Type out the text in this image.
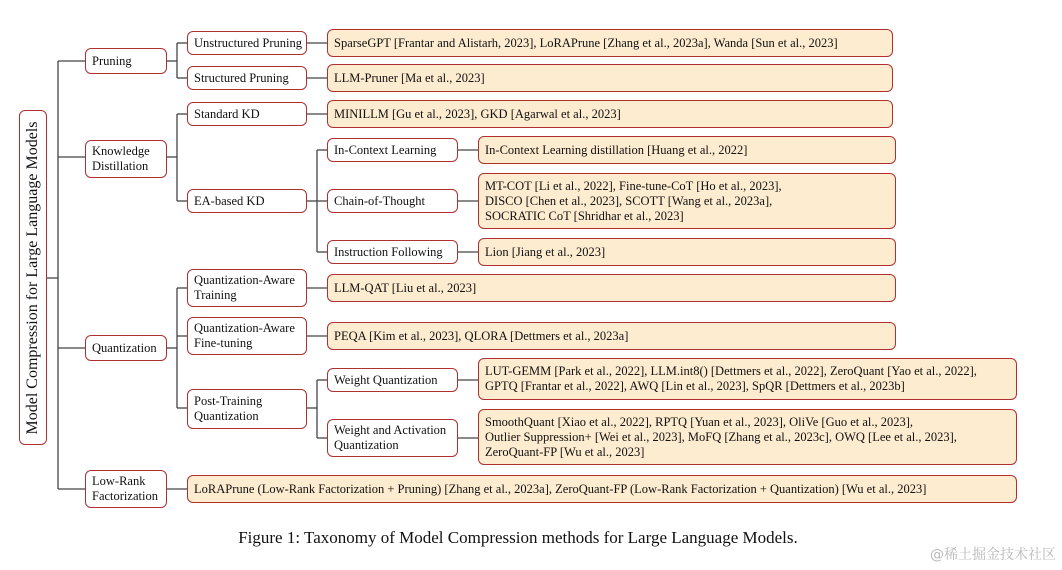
Model Compression for Large Language Models
Pruning
Knowledge
Distillation
Quantization
Low-Rank
Factorization
Unstructured Pruning
Structured Pruning
Standard KD
EA-based KD
Quantization-Aware
Training
Quantization-Aware
Fine-tuning
Post-Training
Quantization
In-Context Learning
Chain-of-Thought
Instruction Following
Weight Quantization
Weight and Activation
Quantization
SparseGPT [Frantar and Alistarh, 2023], LoRAPrune [Zhang et al., 2023a], Wanda [Sun et al., 2023]
LLM-Pruner [Ma et al., 2023]
MINILLM [Gu et al., 2023], GKD [Agarwal et al., 2023]
In-Context Learning distillation [Huang et al., 2022]
MT-COT [Li et al., 2022], Fine-tune-CoT [Ho et al., 2023],
DISCO [Chen et al., 2023], SCOTT [Wang et al., 2023a],
SOCRATIC CoT [Shridhar et al., 2023]
Lion [Jiang et al., 2023]
LLM-QAT [Liu et al., 2023]
PEQA [Kim et al., 2023], QLORA [Dettmers et al., 2023a]
LUT-GEMM [Park et al., 2022], LLM.int8() [Dettmers et al., 2022], ZeroQuant [Yao et al., 2022],
GPTQ [Frantar et al., 2022], AWQ [Lin et al., 2023], SpQR [Dettmers et al., 2023b]
SmoothQuant [Xiao et al., 2022], RPTQ [Yuan et al., 2023], OliVe [Guo et al., 2023],
Outlier Suppression+ [Wei et al., 2023], MoFQ [Zhang et al., 2023c], OWQ [Lee et al., 2023],
ZeroQuant-FP [Wu et al., 2023]
LoRAPrune (Low-Rank Factorization + Pruning) [Zhang et al., 2023a], ZeroQuant-FP (Low-Rank Factorization + Quantization) [Wu et al., 2023]
Figure 1: Taxonomy of Model Compression methods for Large Language Models.
@稀土掘金技术社区
